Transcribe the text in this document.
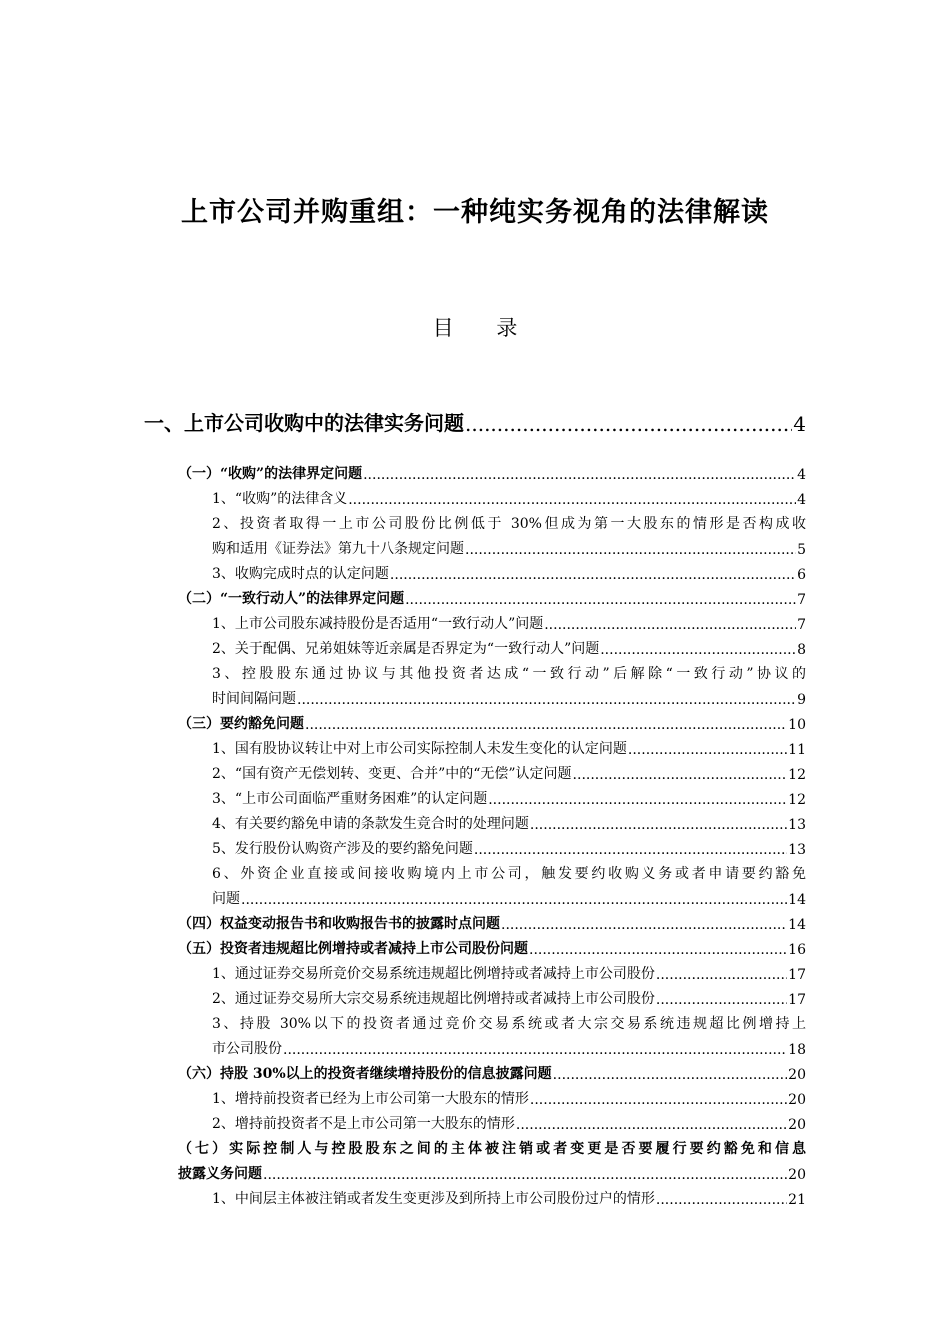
上市公司并购重组：一种纯实务视角的法律解读
目 录
一、上市公司收购中的法律实务问题 .....	4
（一）“收购”的法律界定问题 .....	4
1、“收购”的法律含义 .....	4
2、投资者取得一上市公司股份比例低于 30%但成为第一大股东的情形是否构成收
购和适用《证券法》第九十八条规定问题 .....	5
3、收购完成时点的认定问题 .....	6
（二）“一致行动人”的法律界定问题 .....	7
1、上市公司股东减持股份是否适用“一致行动人”问题 .....	7
2、关于配偶、兄弟姐妹等近亲属是否界定为“一致行动人”问题 .....	8
3、控股股东通过协议与其他投资者达成“一致行动”后解除“一致行动”协议的
时间间隔问题 .....	9
（三）要约豁免问题 .....	10
1、国有股协议转让中对上市公司实际控制人未发生变化的认定问题 .....	11
2、“国有资产无偿划转、变更、合并”中的“无偿”认定问题 .....	12
3、“上市公司面临严重财务困难”的认定问题 .....	12
4、有关要约豁免申请的条款发生竞合时的处理问题 .....	13
5、发行股份认购资产涉及的要约豁免问题 .....	13
6、外资企业直接或间接收购境内上市公司，触发要约收购义务或者申请要约豁免
问题 .....	14
（四）权益变动报告书和收购报告书的披露时点问题 .....	14
（五）投资者违规超比例增持或者减持上市公司股份问题 .....	16
1、通过证券交易所竞价交易系统违规超比例增持或者减持上市公司股份 .....	17
2、通过证券交易所大宗交易系统违规超比例增持或者减持上市公司股份 .....	17
3、持股 30%以下的投资者通过竞价交易系统或者大宗交易系统违规超比例增持上
市公司股份 .....	18
（六）持股 30%以上的投资者继续增持股份的信息披露问题 .....	20
1、增持前投资者已经为上市公司第一大股东的情形 .....	20
2、增持前投资者不是上市公司第一大股东的情形 .....	20
（七）实际控制人与控股股东之间的主体被注销或者变更是否要履行要约豁免和信息
披露义务问题 .....	20
1、中间层主体被注销或者发生变更涉及到所持上市公司股份过户的情形 .....	21
